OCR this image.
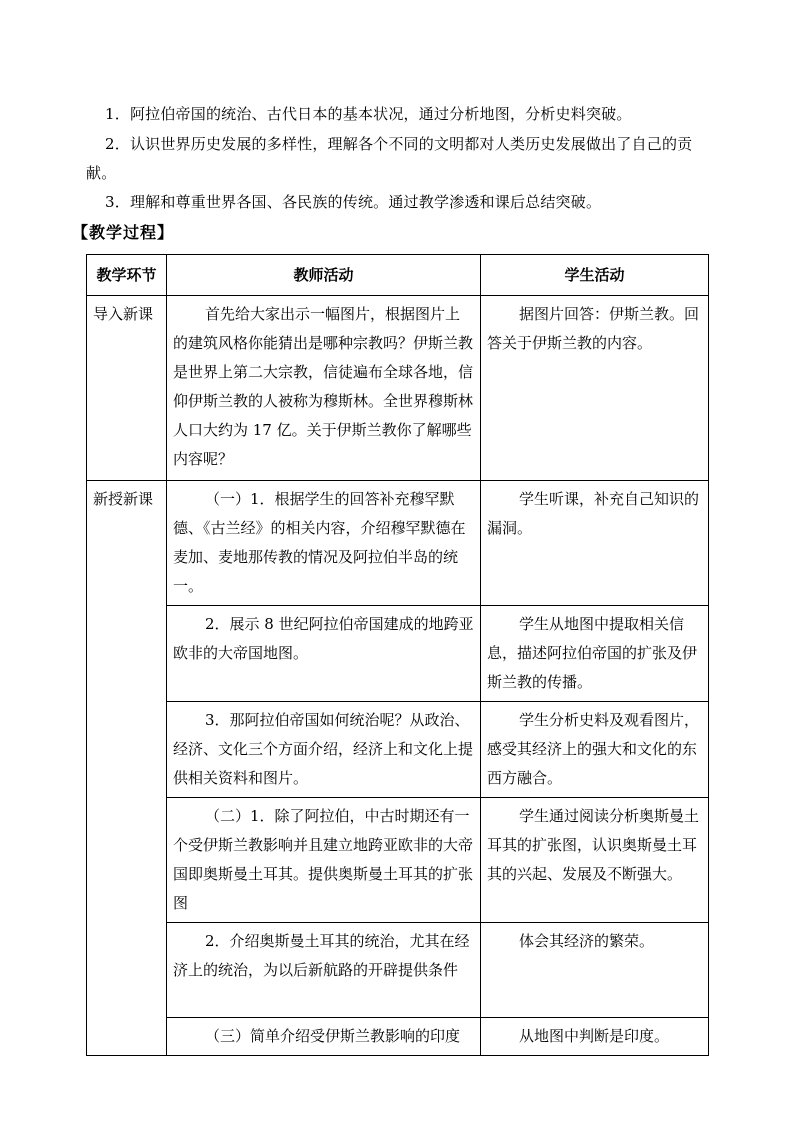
1．阿拉伯帝国的统治、古代日本的基本状况，通过分析地图，分析史料突破。
2．认识世界历史发展的多样性，理解各个不同的文明都对人类历史发展做出了自己的贡献。
3．理解和尊重世界各国、各民族的传统。通过教学渗透和课后总结突破。
【教学过程】
教学环节	教师活动	学生活动
导入新课	首先给大家出示一幅图片，根据图片上的建筑风格你能猜出是哪种宗教吗？伊斯兰教是世界上第二大宗教，信徒遍布全球各地，信仰伊斯兰教的人被称为穆斯林。全世界穆斯林人口大约为 17 亿。关于伊斯兰教你了解哪些内容呢？	据图片回答：伊斯兰教。回答关于伊斯兰教的内容。
新授新课	（一）1．根据学生的回答补充穆罕默德、《古兰经》的相关内容，介绍穆罕默德在麦加、麦地那传教的情况及阿拉伯半岛的统一。	学生听课，补充自己知识的漏洞。
	2．展示 8 世纪阿拉伯帝国建成的地跨亚欧非的大帝国地图。	学生从地图中提取相关信息，描述阿拉伯帝国的扩张及伊斯兰教的传播。
	3．那阿拉伯帝国如何统治呢？从政治、经济、文化三个方面介绍，经济上和文化上提供相关资料和图片。	学生分析史料及观看图片，感受其经济上的强大和文化的东西方融合。
	（二）1．除了阿拉伯，中古时期还有一个受伊斯兰教影响并且建立地跨亚欧非的大帝国即奥斯曼土耳其。提供奥斯曼土耳其的扩张图	学生通过阅读分析奥斯曼土耳其的扩张图，认识奥斯曼土耳其的兴起、发展及不断强大。
	2．介绍奥斯曼土耳其的统治，尤其在经济上的统治，为以后新航路的开辟提供条件	体会其经济的繁荣。
	（三）简单介绍受伊斯兰教影响的印度	从地图中判断是印度。
